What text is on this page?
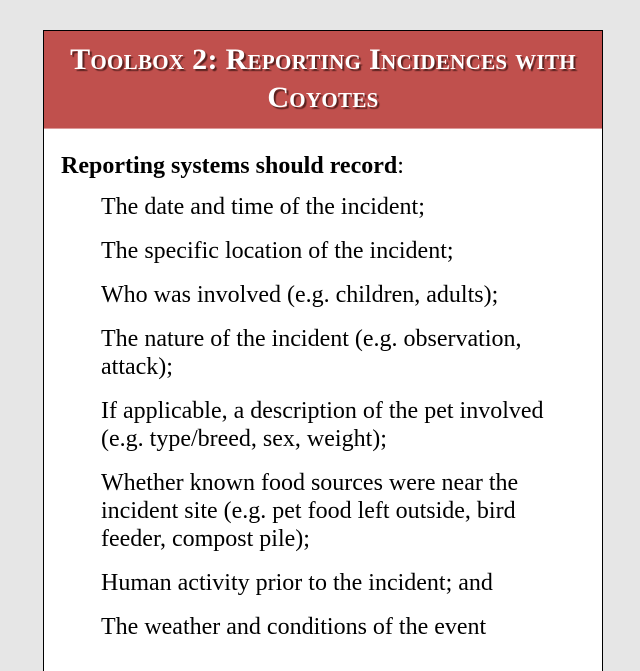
Toolbox 2: Reporting Incidences with Coyotes
Reporting systems should record:
The date and time of the incident;
The specific location of the incident;
Who was involved (e.g. children, adults);
The nature of the incident (e.g. observation, attack);
If applicable, a description of the pet involved (e.g. type/breed, sex, weight);
Whether known food sources were near the incident site (e.g. pet food left outside, bird feeder, compost pile);
Human activity prior to the incident; and
The weather and conditions of the event
